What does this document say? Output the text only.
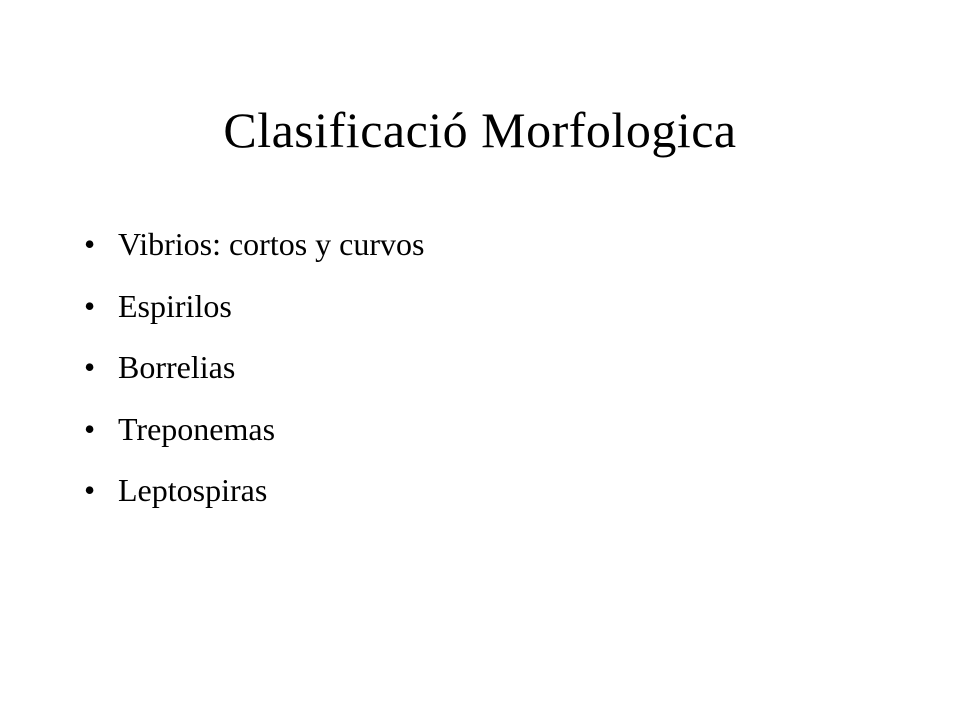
Clasificació Morfologica
• Vibrios: cortos y curvos
• Espirilos
• Borrelias
• Treponemas
• Leptospiras
